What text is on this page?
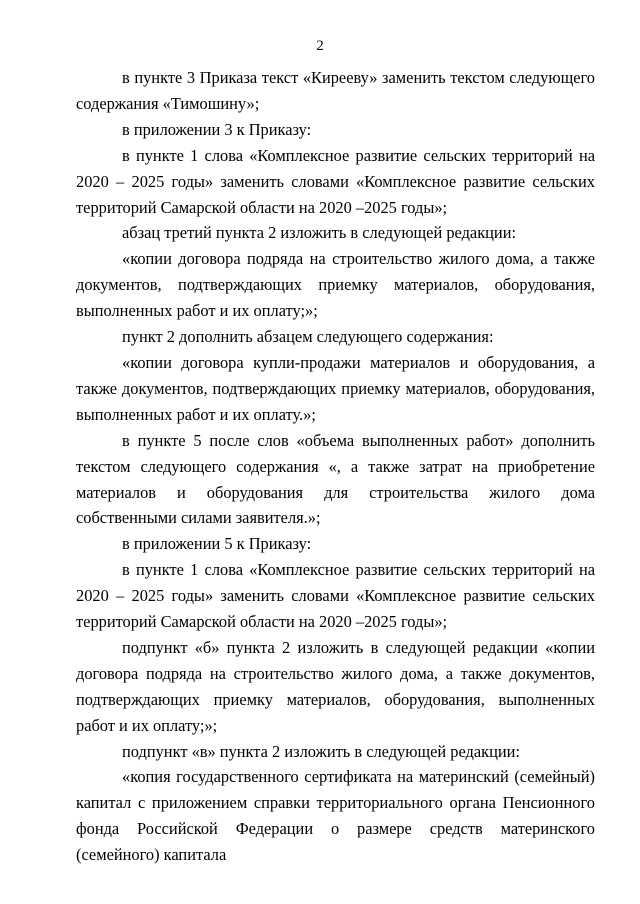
2

в пункте 3 Приказа текст «Кирееву» заменить текстом следующего содержания «Тимошину»;

в приложении 3 к Приказу:

в пункте 1 слова «Комплексное развитие сельских территорий на 2020 – 2025 годы» заменить словами «Комплексное развитие сельских территорий Самарской области на 2020 –2025 годы»;

абзац третий пункта 2 изложить в следующей редакции:

«копии договора подряда на строительство жилого дома, а также документов, подтверждающих приемку материалов, оборудования, выполненных работ и их оплату;»;

пункт 2 дополнить абзацем следующего содержания:

«копии договора купли-продажи материалов и оборудования, а также документов, подтверждающих приемку материалов, оборудования, выполненных работ и их оплату.»;

в пункте 5 после слов «объема выполненных работ» дополнить текстом следующего содержания «, а также затрат на приобретение материалов и оборудования для строительства жилого дома собственными силами заявителя.»;

в приложении 5 к Приказу:

в пункте 1 слова «Комплексное развитие сельских территорий на 2020 – 2025 годы» заменить словами «Комплексное развитие сельских территорий Самарской области на 2020 –2025 годы»;

подпункт «б» пункта 2 изложить в следующей редакции «копии договора подряда на строительство жилого дома, а также документов, подтверждающих приемку материалов, оборудования, выполненных работ и их оплату;»;

подпункт «в» пункта 2 изложить в следующей редакции:

«копия государственного сертификата на материнский (семейный) капитал с приложением справки территориального органа Пенсионного фонда Российской Федерации о размере средств материнского (семейного) капитала
